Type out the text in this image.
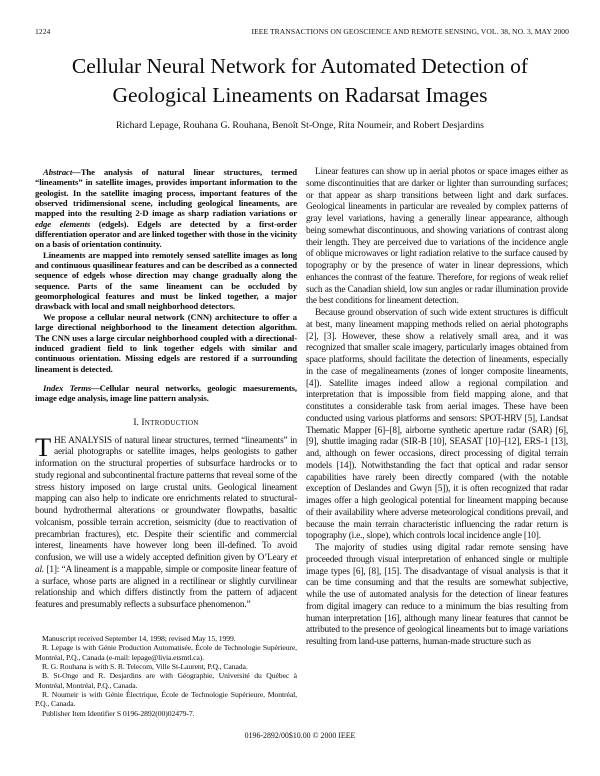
1224	IEEE TRANSACTIONS ON GEOSCIENCE AND REMOTE SENSING, VOL. 38, NO. 3, MAY 2000
Cellular Neural Network for Automated Detection of Geological Lineaments on Radarsat Images
Richard Lepage, Rouhana G. Rouhana, Benoît St-Onge, Rita Noumeir, and Robert Desjardins

Abstract—The analysis of natural linear structures, termed “lineaments” in satellite images, provides important information to the geologist. In the satellite imaging process, important features of the observed tridimensional scene, including geological lineaments, are mapped into the resulting 2-D image as sharp radiation variations or edge elements (edgels). Edgels are detected by a first-order differentiation operator and are linked together with those in the vicinity on a basis of orientation continuity.

Lineaments are mapped into remotely sensed satellite images as long and continuous quasilinear features and can be described as a connected sequence of edgels whose direction may change gradually along the sequence. Parts of the same lineament can be occluded by geomorphological features and must be linked together, a major drawback with local and small neighborhood detectors.

We propose a cellular neural network (CNN) architecture to offer a large directional neighborhood to the lineament detection algorithm. The CNN uses a large circular neighborhood coupled with a directional-induced gradient field to link together edgels with similar and continuous orientation. Missing edgels are restored if a surrounding lineament is detected.

Index Terms—Cellular neural networks, geologic maesurements, image edge analysis, image line pattern analysis.

I. Introduction

THE ANALYSIS of natural linear structures, termed “lineaments” in aerial photographs or satellite images, helps geologists to gather information on the structural properties of subsurface hardrocks or to study regional and subcontinental fracture patterns that reveal some of the stress history imposed on large crustal units. Geological lineament mapping can also help to indicate ore enrichments related to structural-bound hydrothermal alterations or groundwater flowpaths, basaltic volcanism, possible terrain accretion, seismicity (due to reactivation of precambrian fractures), etc. Despite their scientific and commercial interest, lineaments have however long been ill-defined. To avoid confusion, we will use a widely accepted definition given by O’Leary et al. [1]: “A lineament is a mappable, simple or composite linear feature of a surface, whose parts are aligned in a rectilinear or slightly curvilinear relationship and which differs distinctly from the pattern of adjacent features and presumably reflects a subsurface phenomenon.”

Manuscript received September 14, 1998; revised May 15, 1999.

R. Lepage is with Génie Production Automatisée, École de Technologie Supérieure, Montréal, P.Q., Canada (e-mail: lepage@livia.etsmtl.ca).

R. G. Rouhana is with S. R. Telecom, Ville St-Laurent, P.Q., Canada.

B. St-Onge and R. Desjardins are with Géographie, Université du Québec à Montréal, Montréal, P.Q., Canada.

R. Noumeir is with Génie Électrique, École de Technologie Supérieure, Montréal, P.Q., Canada.

Publisher Item Identifier S 0196-2892(00)02479-7.

Linear features can show up in aerial photos or space images either as some discontinuities that are darker or lighter than surrounding surfaces; or that appear as sharp transitions between light and dark surfaces. Geological lineaments in particular are revealed by complex patterns of gray level variations, having a generally linear appearance, although being somewhat discontinuous, and showing variations of contrast along their length. They are perceived due to variations of the incidence angle of oblique microwaves or light radiation relative to the surface caused by topography or by the presence of water in linear depressions, which enhances the contrast of the feature. Therefore, for regions of weak relief such as the Canadian shield, low sun angles or radar illumination provide the best conditions for lineament detection.

Because ground observation of such wide extent structures is difficult at best, many lineament mapping methods relied on aerial photographs [2], [3]. However, these show a relatively small area, and it was recognized that smaller scale imagery, particularly images obtained from space platforms, should facilitate the detection of lineaments, especially in the case of megalineaments (zones of longer composite lineaments, [4]). Satellite images indeed allow a regional compilation and interpretation that is impossible from field mapping alone, and that constitutes a considerable task from aerial images. These have been conducted using various platforms and sensors: SPOT-HRV [5], Landsat Thematic Mapper [6]–[8], airborne synthetic aperture radar (SAR) [6], [9], shuttle imaging radar (SIR-B [10], SEASAT [10]–[12], ERS-1 [13], and, although on fewer occasions, direct processing of digital terrain models [14]). Notwithstanding the fact that optical and radar sensor capabilities have rarely been directly compared (with the notable exception of Deslandes and Gwyn [5]), it is often recognized that radar images offer a high geological potential for lineament mapping because of their availability where adverse meteorological conditions prevail, and because the main terrain characteristic influencing the radar return is topography (i.e., slope), which controls local incidence angle [10].

The majority of studies using digital radar remote sensing have proceeded through visual interpretation of enhanced single or multiple image types [6], [8], [15]. The disadvantage of visual analysis is that it can be time consuming and that the results are somewhat subjective, while the use of automated analysis for the detection of linear features from digital imagery can reduce to a minimum the bias resulting from human interpretation [16], although many linear features that cannot be attributed to the presence of geological lineaments but to image variations resulting from land-use patterns, human-made structure such as

0196-2892/00$10.00 © 2000 IEEE
